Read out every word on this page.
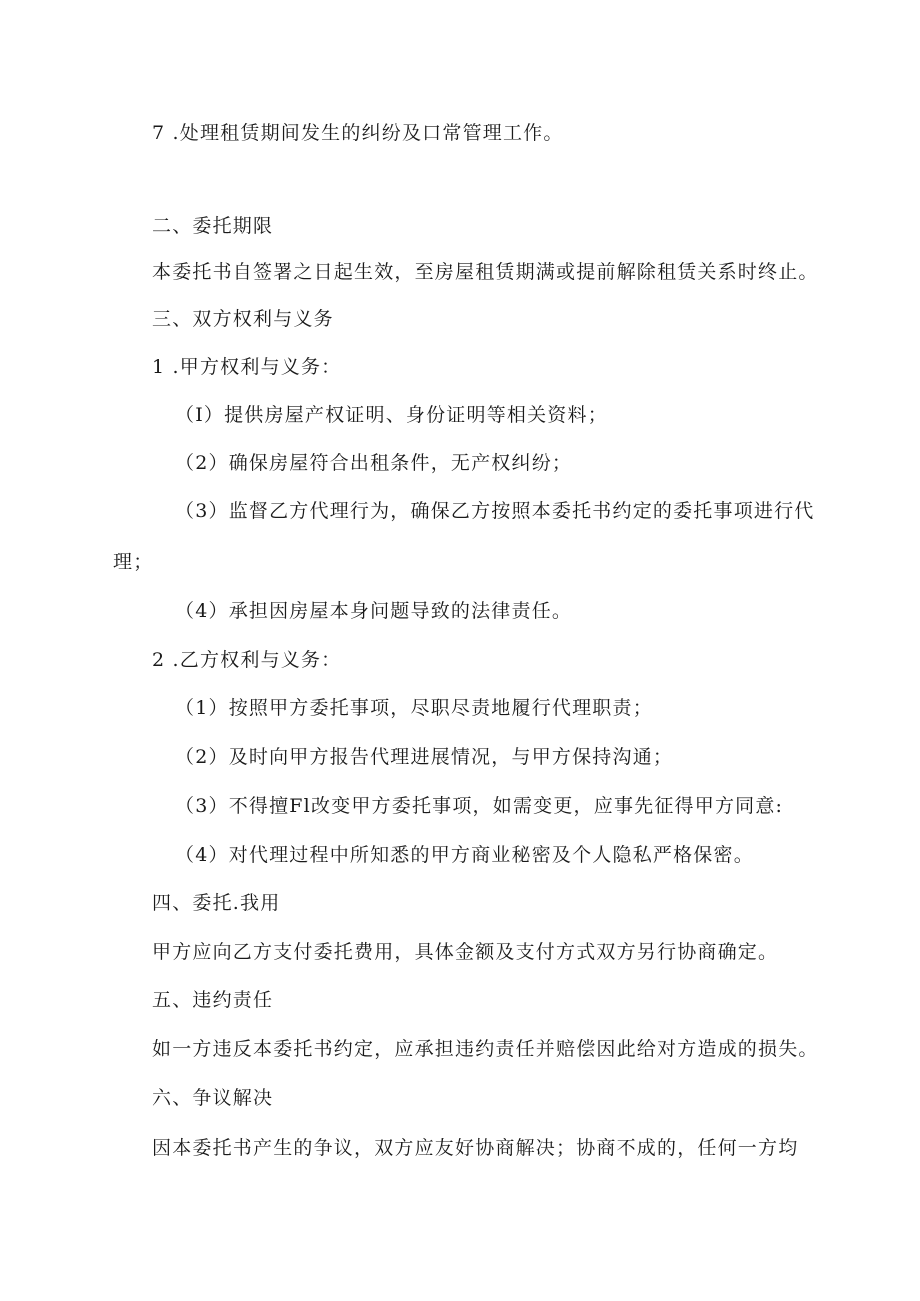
7 .处理租赁期间发生的纠纷及口常管理工作。
二、委托期限
本委托书自签署之日起生效，至房屋租赁期满或提前解除租赁关系时终止。
三、双方权利与义务
1 .甲方权利与义务：
（I）提供房屋产权证明、身份证明等相关资料；
（2）确保房屋符合出租条件，无产权纠纷；
（3）监督乙方代理行为，确保乙方按照本委托书约定的委托事项进行代
理；
（4）承担因房屋本身问题导致的法律责任。
2 .乙方权利与义务：
（1）按照甲方委托事项，尽职尽责地履行代理职责；
（2）及时向甲方报告代理进展情况，与甲方保持沟通；
（3）不得擅Fl改变甲方委托事项，如需变更，应事先征得甲方同意:
（4）对代理过程中所知悉的甲方商业秘密及个人隐私严格保密。
四、委托.我用
甲方应向乙方支付委托费用，具体金额及支付方式双方另行协商确定。
五、违约责任
如一方违反本委托书约定，应承担违约责任并赔偿因此给对方造成的损失。
六、争议解决
因本委托书产生的争议，双方应友好协商解决；协商不成的，任何一方均
